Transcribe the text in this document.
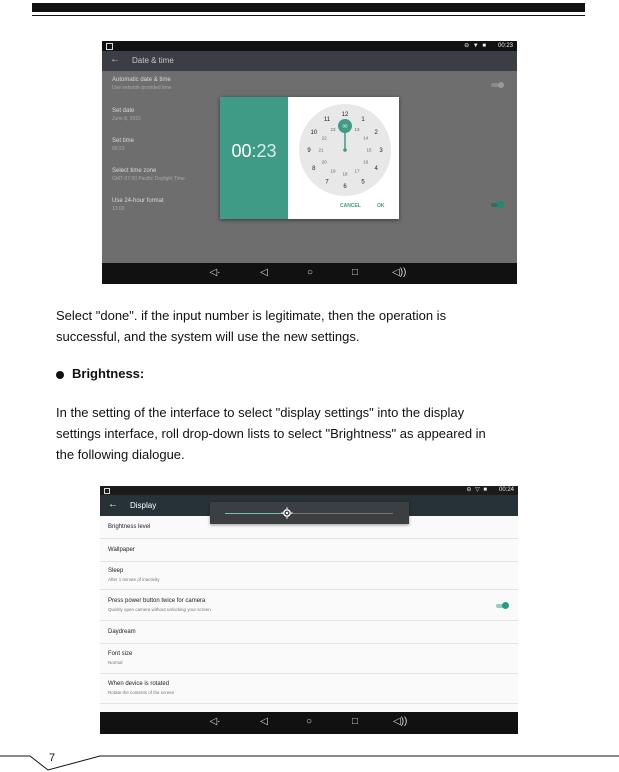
⊖ ▼ ■ 00:23
← Date & time
Automatic date & time
Use network-provided time
Set date
June 8, 2016
Set time
00:23
Select time zone
GMT-07:00 Pacific Daylight Time
Use 24-hour format
13:00
00:23
12
1
2
3
4
5
6
7
8
9
10
11
00
13
14
15
16
17
18
19
20
21
22
23
CANCEL	OK
◁·	◁	○	□	◁))
Select "done". if the input number is legitimate, then the operation is
successful, and the system will use the new settings.
Brightness:
In the setting of the interface to select "display settings" into the display
settings interface, roll drop-down lists to select "Brightness" as appeared in
the following dialogue.
⊖ ▽ ■ 00:24
← Display
Brightness level
Wallpaper
Sleep
After 1 minute of inactivity
Press power button twice for camera
Quickly open camera without unlocking your screen
Daydream
Font size
Normal
When device is rotated
Rotate the contents of the screen
◁·	◁	○	□	◁))
7
